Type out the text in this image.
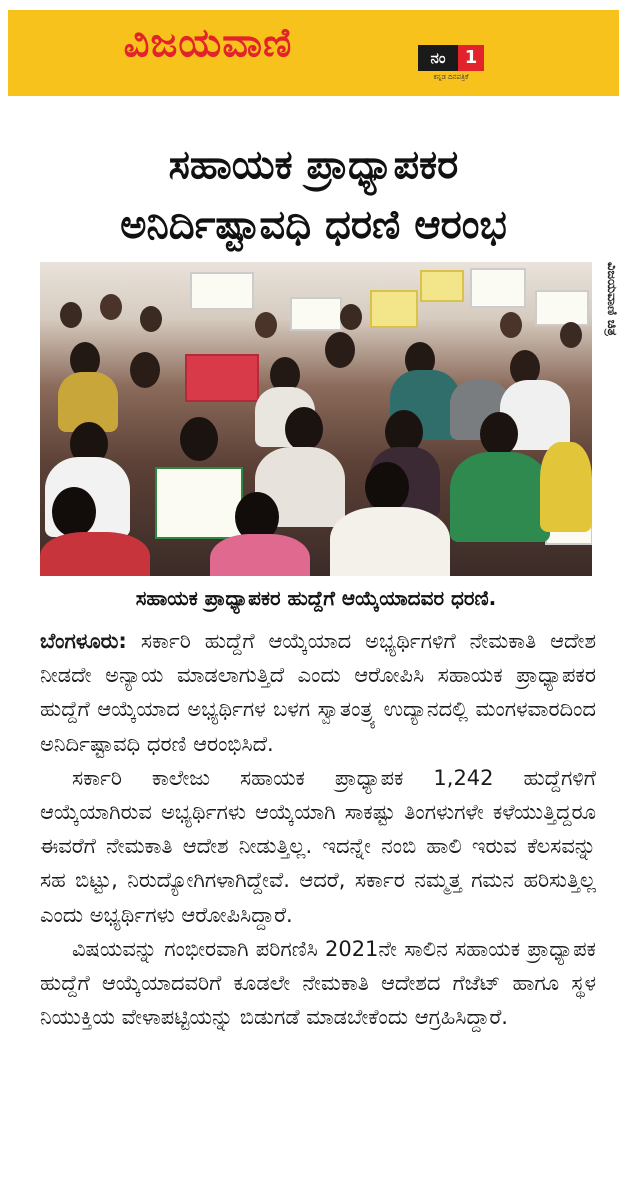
ವಿಜಯವಾಣಿ	ನಂ	1
ಕನ್ನಡ ದಿನಪತ್ರಿಕೆ
ಸಹಾಯಕ ಪ್ರಾಧ್ಯಾಪಕರ
ಅನಿರ್ದಿಷ್ಟಾವಧಿ ಧರಣಿ ಆರಂಭ
ವಿಜಯವಾಣಿ ಚಿತ್ರ
ಸಹಾಯಕ ಪ್ರಾಧ್ಯಾಪಕರ ಹುದ್ದೆಗೆ ಆಯ್ಕೆಯಾದವರ ಧರಣಿ.

ಬೆಂಗಳೂರು: ಸರ್ಕಾರಿ ಹುದ್ದೆಗೆ ಆಯ್ಕೆಯಾದ ಅಭ್ಯರ್ಥಿಗಳಿಗೆ ನೇಮಕಾತಿ ಆದೇಶ ನೀಡದೇ ಅನ್ಯಾಯ ಮಾಡಲಾಗುತ್ತಿದೆ ಎಂದು ಆರೋಪಿಸಿ ಸಹಾಯಕ ಪ್ರಾಧ್ಯಾಪಕರ ಹುದ್ದೆಗೆ ಆಯ್ಕೆಯಾದ ಅಭ್ಯರ್ಥಿಗಳ ಬಳಗ ಸ್ವಾತಂತ್ರ್ಯ ಉದ್ಯಾನದಲ್ಲಿ ಮಂಗಳವಾರದಿಂದ ಅನಿರ್ದಿಷ್ಟಾವಧಿ ಧರಣಿ ಆರಂಭಿಸಿದೆ.

ಸರ್ಕಾರಿ ಕಾಲೇಜು ಸಹಾಯಕ ಪ್ರಾಧ್ಯಾಪಕ 1,242 ಹುದ್ದೆಗಳಿಗೆ ಆಯ್ಕೆಯಾಗಿರುವ ಅಭ್ಯರ್ಥಿಗಳು ಆಯ್ಕೆಯಾಗಿ ಸಾಕಷ್ಟು ತಿಂಗಳುಗಳೇ ಕಳೆಯುತ್ತಿದ್ದರೂ ಈವರೆಗೆ ನೇಮಕಾತಿ ಆದೇಶ ನೀಡುತ್ತಿಲ್ಲ. ಇದನ್ನೇ ನಂಬಿ ಹಾಲಿ ಇರುವ ಕೆಲಸವನ್ನು ಸಹ ಬಿಟ್ಟು, ನಿರುದ್ಯೋಗಿಗಳಾಗಿದ್ದೇವೆ. ಆದರೆ, ಸರ್ಕಾರ ನಮ್ಮತ್ತ ಗಮನ ಹರಿಸುತ್ತಿಲ್ಲ ಎಂದು ಅಭ್ಯರ್ಥಿಗಳು ಆರೋಪಿಸಿದ್ದಾರೆ.

ವಿಷಯವನ್ನು ಗಂಭೀರವಾಗಿ ಪರಿಗಣಿಸಿ 2021ನೇ ಸಾಲಿನ ಸಹಾಯಕ ಪ್ರಾಧ್ಯಾಪಕ ಹುದ್ದೆಗೆ ಆಯ್ಕೆಯಾದವರಿಗೆ ಕೂಡಲೇ ನೇಮಕಾತಿ ಆದೇಶದ ಗೆಜೆಟ್ ಹಾಗೂ ಸ್ಥಳ ನಿಯುಕ್ತಿಯ ವೇಳಾಪಟ್ಟಿಯನ್ನು ಬಿಡುಗಡೆ ಮಾಡಬೇಕೆಂದು ಆಗ್ರಹಿಸಿದ್ದಾರೆ.
